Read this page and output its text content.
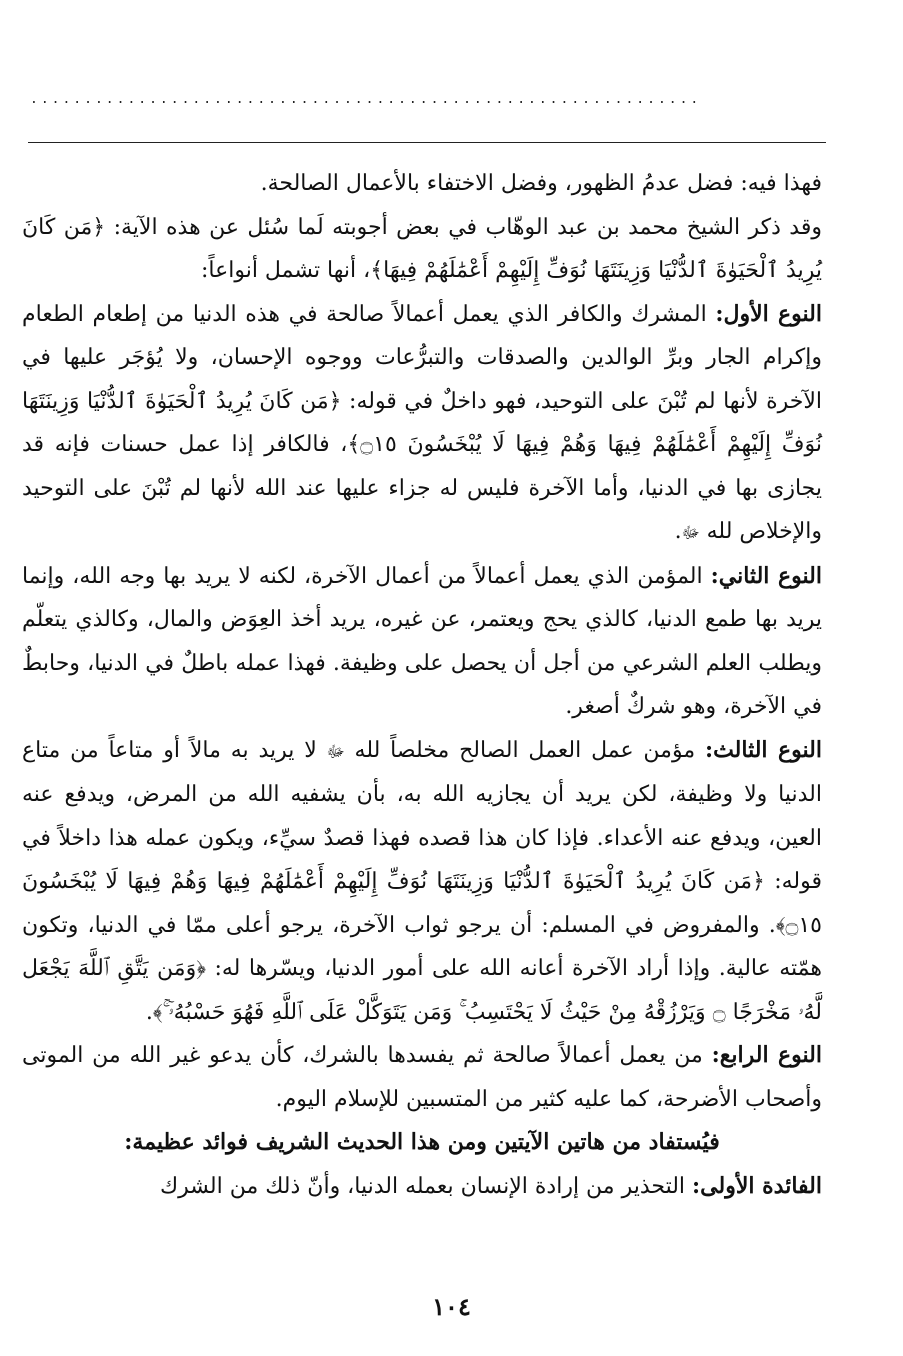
..............................................................

فهذا فيه: فضل عدمُ الظهور، وفضل الاختفاء بالأعمال الصالحة.

وقد ذكر الشيخ محمد بن عبد الوهّاب في بعض أجوبته لَما سُئل عن هذه الآية: ﴿مَن كَانَ يُرِيدُ ٱلْحَيَوٰةَ ٱلدُّنْيَا وَزِينَتَهَا نُوَفِّ إِلَيْهِمْ أَعْمَٰلَهُمْ فِيهَا﴾، أنها تشمل أنواعاً:

النوع الأول: المشرك والكافر الذي يعمل أعمالاً صالحة في هذه الدنيا من إطعام الطعام وإكرام الجار وبرِّ الوالدين والصدقات والتبرُّعات ووجوه الإحسان، ولا يُؤجَر عليها في الآخرة لأنها لم تُبْنَ على التوحيد، فهو داخلٌ في قوله: ﴿مَن كَانَ يُرِيدُ ٱلْحَيَوٰةَ ٱلدُّنْيَا وَزِينَتَهَا نُوَفِّ إِلَيْهِمْ أَعْمَٰلَهُمْ فِيهَا وَهُمْ فِيهَا لَا يُبْخَسُونَ ۝١٥﴾، فالكافر إذا عمل حسنات فإنه قد يجازى بها في الدنيا، وأما الآخرة فليس له جزاء عليها عند الله لأنها لم تُبْنَ على التوحيد والإخلاص لله ﷻ.

النوع الثاني: المؤمن الذي يعمل أعمالاً من أعمال الآخرة، لكنه لا يريد بها وجه الله، وإنما يريد بها طمع الدنيا، كالذي يحج ويعتمر، عن غيره، يريد أخذ العِوَض والمال، وكالذي يتعلّم ويطلب العلم الشرعي من أجل أن يحصل على وظيفة. فهذا عمله باطلٌ في الدنيا، وحابطٌ في الآخرة، وهو شركٌ أصغر.

النوع الثالث: مؤمن عمل العمل الصالح مخلصاً لله ﷻ لا يريد به مالاً أو متاعاً من متاع الدنيا ولا وظيفة، لكن يريد أن يجازيه الله به، بأن يشفيه الله من المرض، ويدفع عنه العين، ويدفع عنه الأعداء. فإذا كان هذا قصده فهذا قصدٌ سيِّء، ويكون عمله هذا داخلاً في قوله: ﴿مَن كَانَ يُرِيدُ ٱلْحَيَوٰةَ ٱلدُّنْيَا وَزِينَتَهَا نُوَفِّ إِلَيْهِمْ أَعْمَٰلَهُمْ فِيهَا وَهُمْ فِيهَا لَا يُبْخَسُونَ ۝١٥﴾. والمفروض في المسلم: أن يرجو ثواب الآخرة، يرجو أعلى ممّا في الدنيا، وتكون همّته عالية. وإذا أراد الآخرة أعانه الله على أمور الدنيا، ويسّرها له: ﴿وَمَن يَتَّقِ ٱللَّهَ يَجْعَل لَّهُۥ مَخْرَجًا ۝ وَيَرْزُقْهُ مِنْ حَيْثُ لَا يَحْتَسِبُ ۚ وَمَن يَتَوَكَّلْ عَلَى ٱللَّهِ فَهُوَ حَسْبُهُۥٓ ۚ﴾.

النوع الرابع: من يعمل أعمالاً صالحة ثم يفسدها بالشرك، كأن يدعو غير الله من الموتى وأصحاب الأضرحة، كما عليه كثير من المتسبين للإسلام اليوم.

فيُستفاد من هاتين الآيتين ومن هذا الحديث الشريف فوائد عظيمة:

الفائدة الأولى: التحذير من إرادة الإنسان بعمله الدنيا، وأنّ ذلك من الشرك

١٠٤
